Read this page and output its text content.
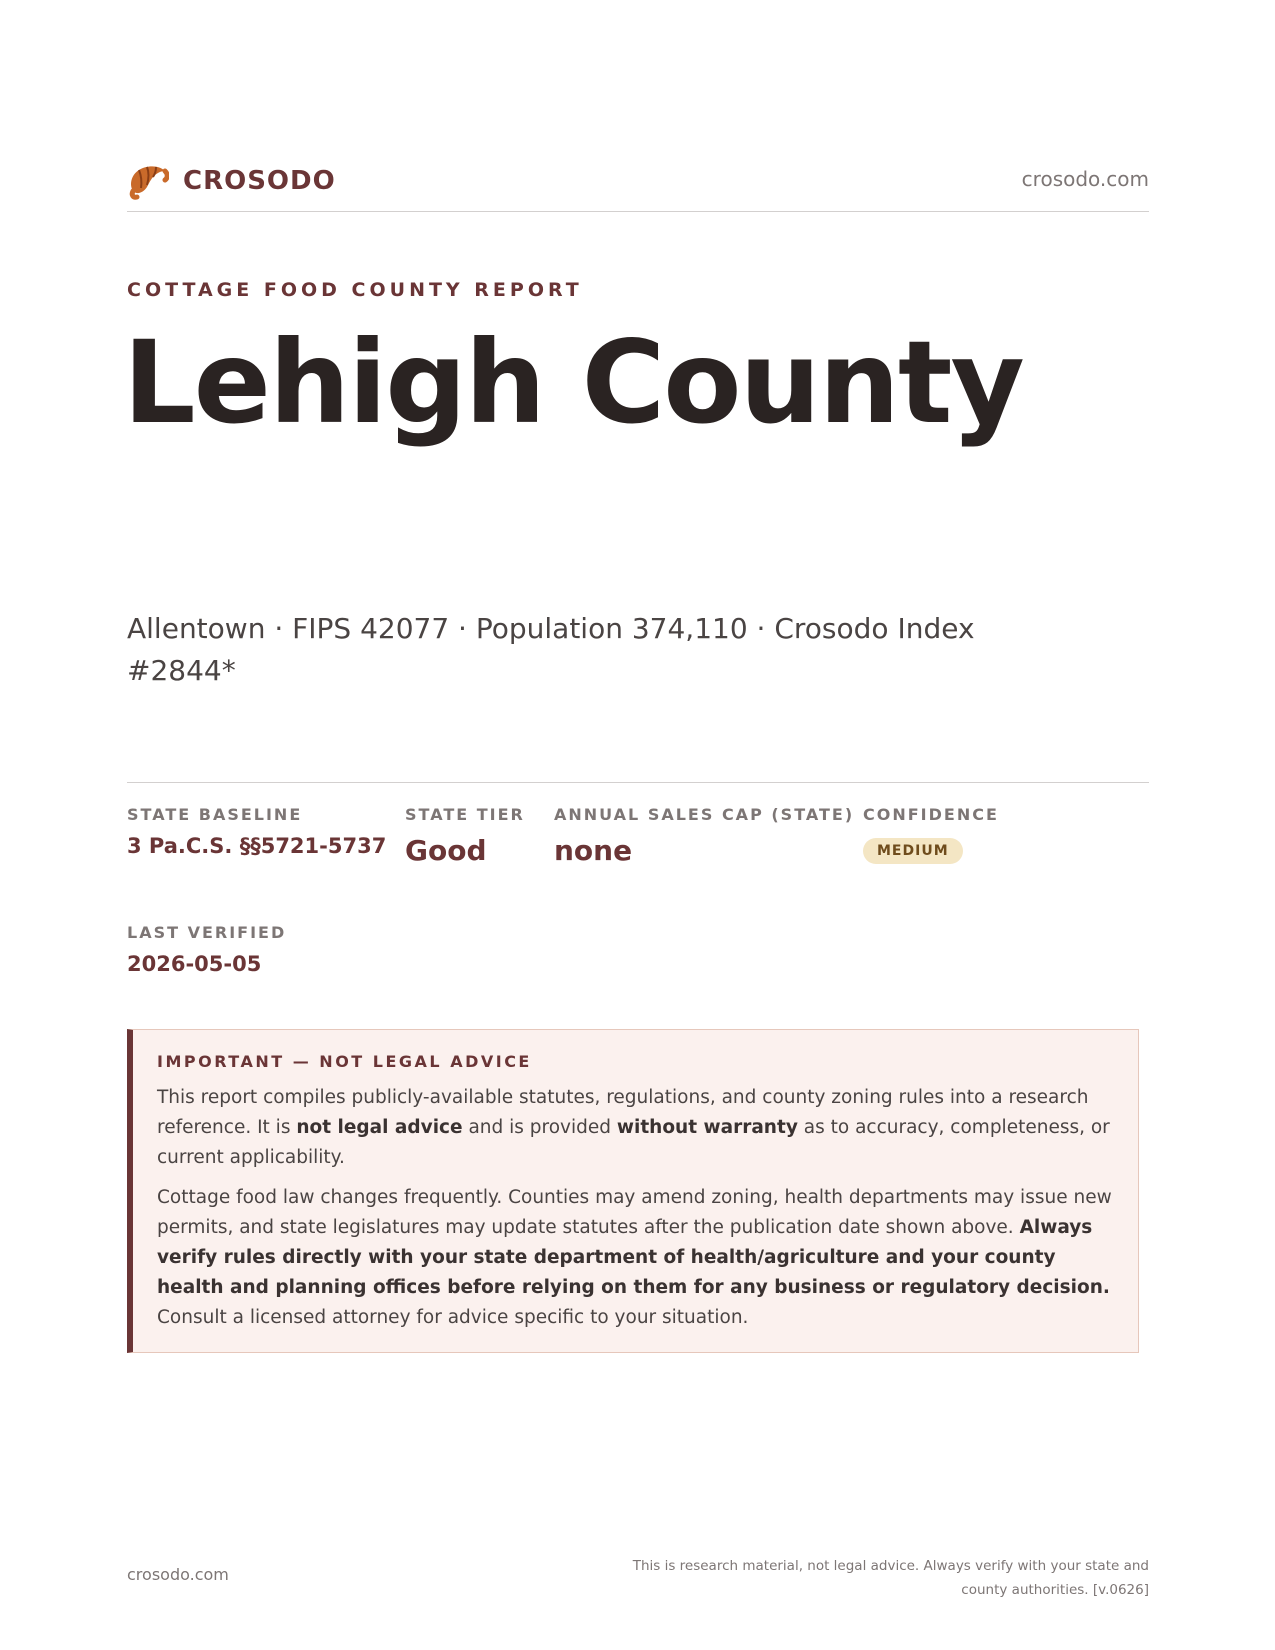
CROSODO	crosodo.com
COTTAGE FOOD COUNTY REPORT
Lehigh County

Allentown · FIPS 42077 · Population 374,110 · Crosodo Index #2844*

STATE BASELINE
3 Pa.C.S. §§5721-5737
STATE TIER
Good
ANNUAL SALES CAP (STATE)
none
CONFIDENCE
MEDIUM
LAST VERIFIED
2026-05-05
IMPORTANT — NOT LEGAL ADVICE

This report compiles publicly-available statutes, regulations, and county zoning rules into a research reference. It is not legal advice and is provided without warranty as to accuracy, completeness, or current applicability.

Cottage food law changes frequently. Counties may amend zoning, health departments may issue new permits, and state legislatures may update statutes after the publication date shown above. Always verify rules directly with your state department of health/agriculture and your county health and planning offices before relying on them for any business or regulatory decision. Consult a licensed attorney for advice specific to your situation.

crosodo.com	This is research material, not legal advice. Always verify with your state and county authorities. [v.0626]
